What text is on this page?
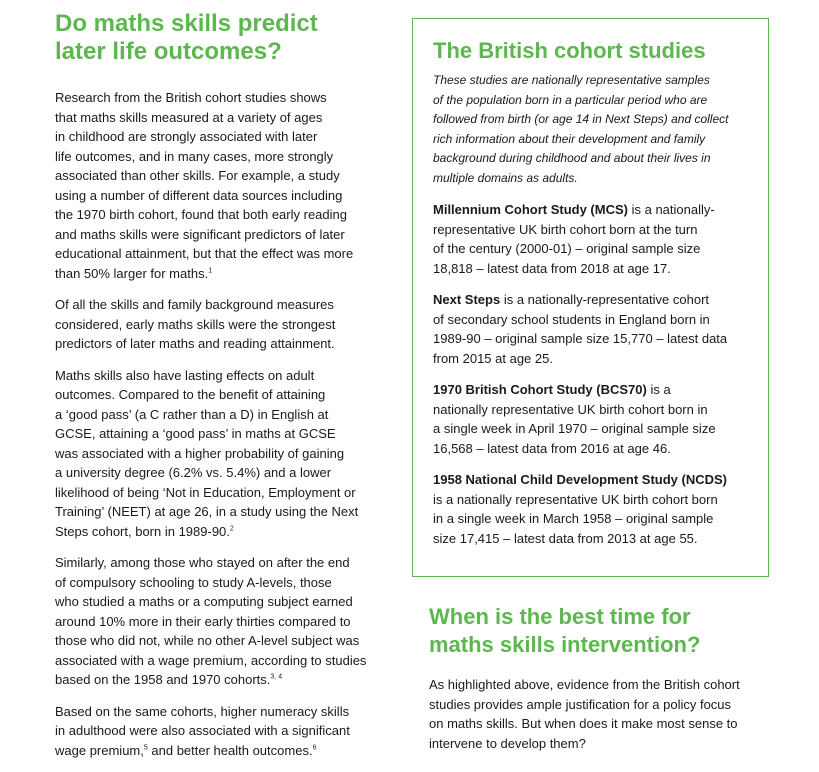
Do maths skills predict
later life outcomes?

Research from the British cohort studies shows
that maths skills measured at a variety of ages
in childhood are strongly associated with later
life outcomes, and in many cases, more strongly
associated than other skills. For example, a study
using a number of different data sources including
the 1970 birth cohort, found that both early reading
and maths skills were significant predictors of later
educational attainment, but that the effect was more
than 50% larger for maths.$^1$

Of all the skills and family background measures
considered, early maths skills were the strongest
predictors of later maths and reading attainment.

Maths skills also have lasting effects on adult
outcomes. Compared to the benefit of attaining
a ‘good pass’ (a C rather than a D) in English at
GCSE, attaining a ‘good pass’ in maths at GCSE
was associated with a higher probability of gaining
a university degree (6.2% vs. 5.4%) and a lower
likelihood of being ‘Not in Education, Employment or
Training’ (NEET) at age 26, in a study using the Next
Steps cohort, born in 1989-90.$^2$

Similarly, among those who stayed on after the end
of compulsory schooling to study A-levels, those
who studied a maths or a computing subject earned
around 10% more in their early thirties compared to
those who did not, while no other A-level subject was
associated with a wage premium, according to studies
based on the 1958 and 1970 cohorts.$^{3, 4}$

Based on the same cohorts, higher numeracy skills
in adulthood were also associated with a significant
wage premium,$^5$ and better health outcomes.$^6$

The British cohort studies

These studies are nationally representative samples
of the population born in a particular period who are
followed from birth (or age 14 in Next Steps) and collect
rich information about their development and family
background during childhood and about their lives in
multiple domains as adults.

Millennium Cohort Study (MCS) is a nationally-
representative UK birth cohort born at the turn
of the century (2000-01) – original sample size
18,818 – latest data from 2018 at age 17.

Next Steps is a nationally-representative cohort
of secondary school students in England born in
1989-90 – original sample size 15,770 – latest data
from 2015 at age 25.

1970 British Cohort Study (BCS70) is a
nationally representative UK birth cohort born in
a single week in April 1970 – original sample size
16,568 – latest data from 2016 at age 46.

1958 National Child Development Study (NCDS)
is a nationally representative UK birth cohort born
in a single week in March 1958 – original sample
size 17,415 – latest data from 2013 at age 55.

When is the best time for
maths skills intervention?

As highlighted above, evidence from the British cohort
studies provides ample justification for a policy focus
on maths skills. But when does it make most sense to
intervene to develop them?
